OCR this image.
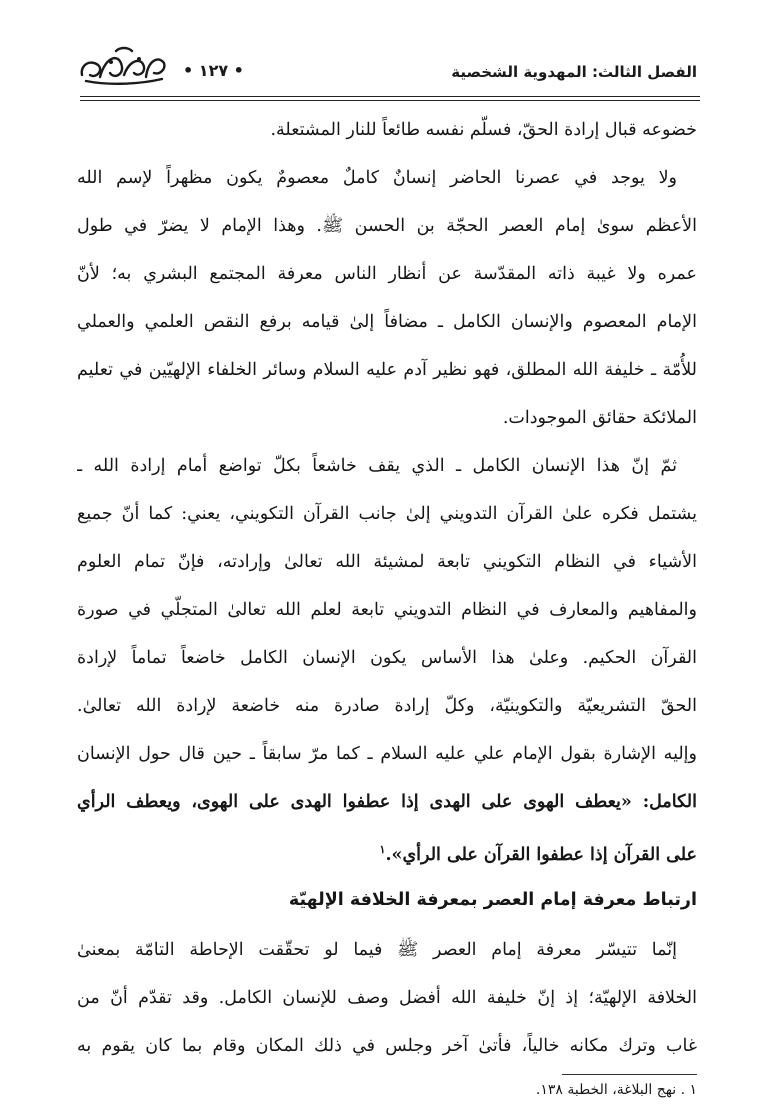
الفصل الثالث: المهدوية الشخصية
• ١٢٧ •
خضوعه قبال إرادة الحقّ، فسلّم نفسه طائعاً للنار المشتعلة.
ولا يوجد في عصرنا الحاضر إنسانٌ كاملٌ معصومٌ يكون مظهراً لإسم الله
الأعظم سوىٰ إمام العصر الحجّة بن الحسن ﷺ. وهذا الإمام لا يضرّ في طول
عمره ولا غيبة ذاته المقدّسة عن أنظار الناس معرفة المجتمع البشري به؛ لأنّ
الإمام المعصوم والإنسان الكامل ـ مضافاً إلىٰ قيامه برفع النقص العلمي والعملي
للأُمّة ـ خليفة الله المطلق، فهو نظير آدم عليه السلام وسائر الخلفاء الإلهيّين في تعليم
الملائكة حقائق الموجودات.
ثمّ إنّ هذا الإنسان الكامل ـ الذي يقف خاشعاً بكلّ تواضع أمام إرادة الله ـ
يشتمل فكره علىٰ القرآن التدويني إلىٰ جانب القرآن التكويني، يعني: كما أنّ جميع
الأشياء في النظام التكويني تابعة لمشيئة الله تعالىٰ وإرادته، فإنّ تمام العلوم
والمفاهيم والمعارف في النظام التدويني تابعة لعلم الله تعالىٰ المتجلّي في صورة
القرآن الحكيم. وعلىٰ هذا الأساس يكون الإنسان الكامل خاضعاً تماماً لإرادة
الحقّ التشريعيّة والتكوينيّة، وكلّ إرادة صادرة منه خاضعة لإرادة الله تعالىٰ.
وإليه الإشارة بقول الإمام علي عليه السلام ـ كما مرّ سابقاً ـ حين قال حول الإنسان
الكامل: «يعطف الهوى على الهدى إذا عطفوا الهدى على الهوى، ويعطف الرأي
على القرآن إذا عطفوا القرآن على الرأي».$^١$
ارتباط معرفة إمام العصر بمعرفة الخلافة الإلهيّة
إنّما تتيسّر معرفة إمام العصر ﷺ فيما لو تحقّقت الإحاطة التامّة بمعنىٰ
الخلافة الإلهيّة؛ إذ إنّ خليفة الله أفضل وصف للإنسان الكامل. وقد تقدّم أنّ من
غاب وترك مكانه خالياً، فأتىٰ آخر وجلس في ذلك المكان وقام بما كان يقوم به
١ . نهج البلاغة، الخطبة ١٣٨.
